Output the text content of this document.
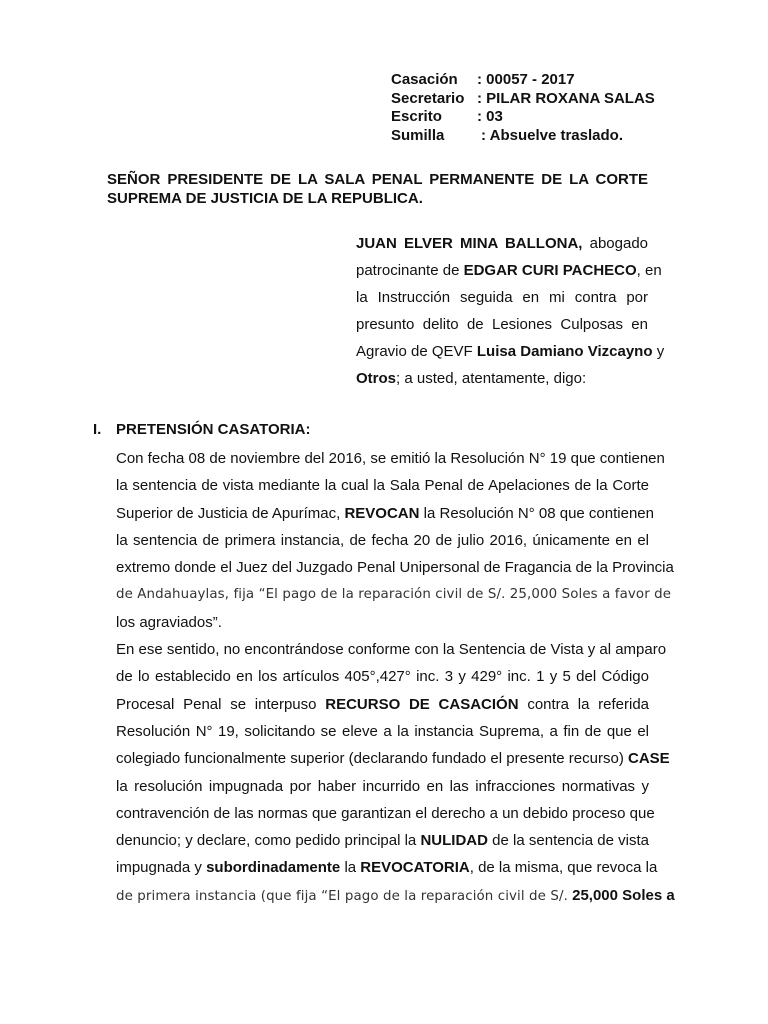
Casación : 00057 - 2017
Secretario : PILAR ROXANA SALAS
Escrito : 03
Sumilla : Absuelve traslado.
SEÑOR PRESIDENTE DE LA SALA PENAL PERMANENTE DE LA CORTE
SUPREMA DE JUSTICIA DE LA REPUBLICA.
JUAN ELVER MINA BALLONA, abogado
patrocinante de EDGAR CURI PACHECO, en
la Instrucción seguida en mi contra por
presunto delito de Lesiones Culposas en
Agravio de QEVF Luisa Damiano Vizcayno y
Otros; a usted, atentamente, digo:
I. PRETENSIÓN CASATORIA:
Con fecha 08 de noviembre del 2016, se emitió la Resolución N° 19 que contienen
la sentencia de vista mediante la cual la Sala Penal de Apelaciones de la Corte
Superior de Justicia de Apurímac, REVOCAN la Resolución N° 08 que contienen
la sentencia de primera instancia, de fecha 20 de julio 2016, únicamente en el
extremo donde el Juez del Juzgado Penal Unipersonal de Fragancia de la Provincia
de Andahuaylas, fija “El pago de la reparación civil de S/. 25,000 Soles a favor de
los agraviados”.
En ese sentido, no encontrándose conforme con la Sentencia de Vista y al amparo
de lo establecido en los artículos 405°,427° inc. 3 y 429° inc. 1 y 5 del Código
Procesal Penal se interpuso RECURSO DE CASACIÓN contra la referida
Resolución N° 19, solicitando se eleve a la instancia Suprema, a fin de que el
colegiado funcionalmente superior (declarando fundado el presente recurso) CASE
la resolución impugnada por haber incurrido en las infracciones normativas y
contravención de las normas que garantizan el derecho a un debido proceso que
denuncio; y declare, como pedido principal la NULIDAD de la sentencia de vista
impugnada y subordinadamente la REVOCATORIA, de la misma, que revoca la
de primera instancia (que fija “El pago de la reparación civil de S/. 25,000 Soles a
